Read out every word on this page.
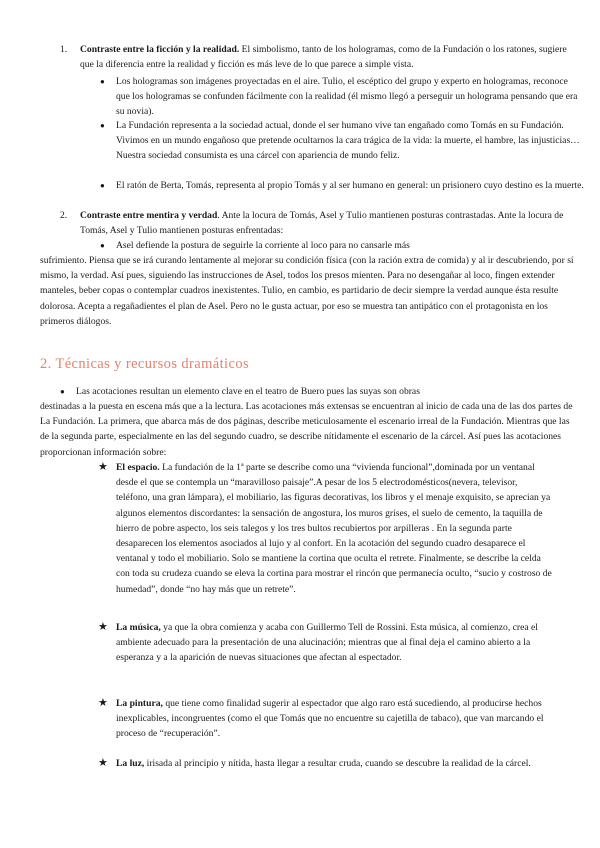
1. Contraste entre la ficción y la realidad. El simbolismo, tanto de los hologramas, como de la Fundación o los ratones, sugiere que la diferencia entre la realidad y ficción es más leve de lo que parece a simple vista.

● Los hologramas son imágenes proyectadas en el aire. Tulio, el escéptico del grupo y experto en hologramas, reconoce que los hologramas se confunden fácilmente con la realidad (él mismo llegó a perseguir un holograma pensando que era su novia).

● La Fundación representa a la sociedad actual, donde el ser humano vive tan engañado como Tomás en su Fundación. Vivimos en un mundo engañoso que pretende ocultarnos la cara trágica de la vida: la muerte, el hambre, las injusticias… Nuestra sociedad consumista es una cárcel con apariencia de mundo feliz.

● El ratón de Berta, Tomás, representa al propio Tomás y al ser humano en general: un prisionero cuyo destino es la muerte.

2. Contraste entre mentira y verdad. Ante la locura de Tomás, Asel y Tulio mantienen posturas contrastadas. Ante la locura de Tomás, Asel y Tulio mantienen posturas enfrentadas:

● Asel defiende la postura de seguirle la corriente al loco para no cansarle más

sufrimiento. Piensa que se irá curando lentamente al mejorar su condición física (con la ración extra de comida) y al ir descubriendo, por sí mismo, la verdad. Así pues, siguiendo las instrucciones de Asel, todos los presos mienten. Para no desengañar al loco, fingen extender manteles, beber copas o contemplar cuadros inexistentes. Tulio, en cambio, es partidario de decir siempre la verdad aunque ésta resulte dolorosa. Acepta a regañadientes el plan de Asel. Pero no le gusta actuar, por eso se muestra tan antipático con el protagonista en los primeros diálogos.

2. Técnicas y recursos dramáticos
● Las acotaciones resultan un elemento clave en el teatro de Buero pues las suyas son obras

destinadas a la puesta en escena más que a la lectura. Las acotaciones más extensas se encuentran al inicio de cada una de las dos partes de La Fundación. La primera, que abarca más de dos páginas, describe meticulosamente el escenario irreal de la Fundación. Mientras que las de la segunda parte, especialmente en las del segundo cuadro, se describe nítidamente el escenario de la cárcel. Así pues las acotaciones proporcionan información sobre:

★ El espacio. La fundación de la 1ª parte se describe como una “vivienda funcional”,dominada por un ventanal desde el que se contempla un “maravilloso paisaje”.A pesar de los 5 electrodomésticos(nevera, televisor, teléfono, una gran lámpara), el mobiliario, las figuras decorativas, los libros y el menaje exquisito, se aprecian ya algunos elementos discordantes: la sensación de angostura, los muros grises, el suelo de cemento, la taquilla de hierro de pobre aspecto, los seis talegos y los tres bultos recubiertos por arpilleras . En la segunda parte desaparecen los elementos asociados al lujo y al confort. En la acotación del segundo cuadro desaparece el ventanal y todo el mobiliario. Solo se mantiene la cortina que oculta el retrete. Finalmente, se describe la celda con toda su crudeza cuando se eleva la cortina para mostrar el rincón que permanecía oculto, “sucio y costroso de humedad”, donde “no hay más que un retrete”.

★ La música, ya que la obra comienza y acaba con Guillermo Tell de Rossini. Esta música, al comienzo, crea el ambiente adecuado para la presentación de una alucinación; mientras que al final deja el camino abierto a la esperanza y a la aparición de nuevas situaciones que afectan al espectador.

★ La pintura, que tiene como finalidad sugerir al espectador que algo raro está sucediendo, al producirse hechos inexplicables, incongruentes (como el que Tomás que no encuentre su cajetilla de tabaco), que van marcando el proceso de “recuperación”.

★ La luz, irisada al principio y nítida, hasta llegar a resultar cruda, cuando se descubre la realidad de la cárcel.
